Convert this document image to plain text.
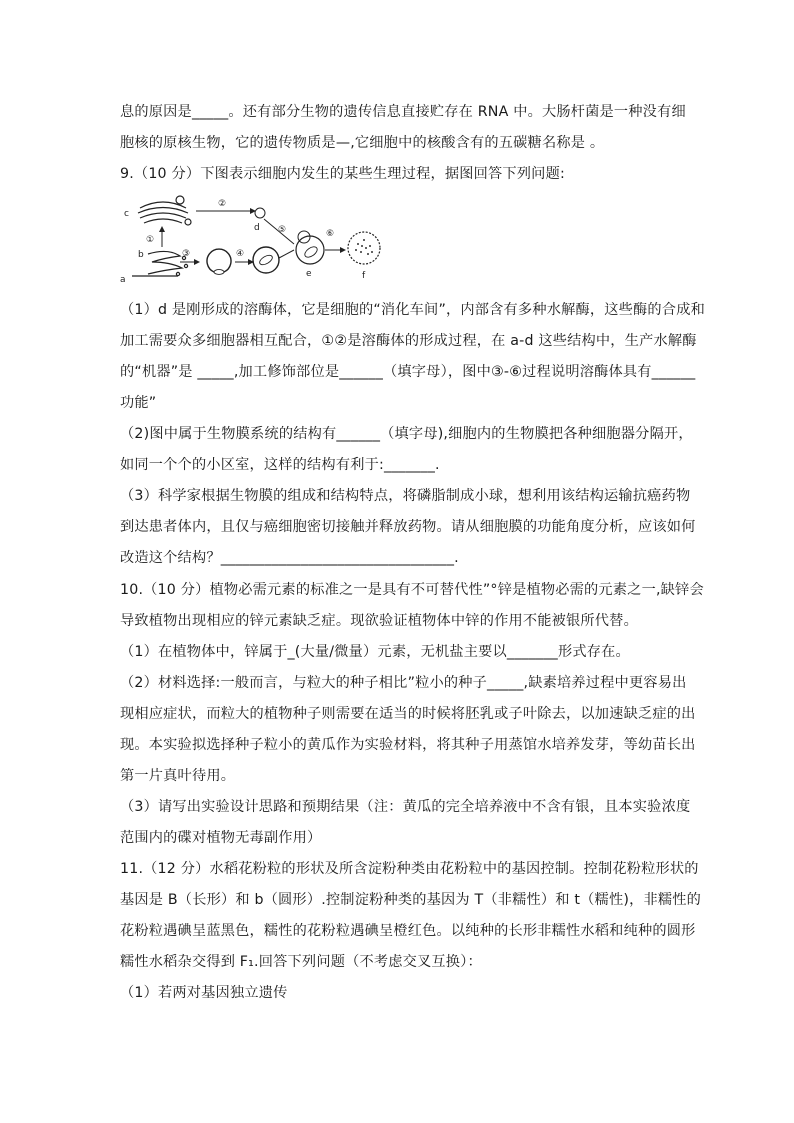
息的原因是_____。还有部分生物的遗传信息直接贮存在 RNA 中。大肠杆菌是一种没有细
胞核的原核生物，它的遗传物质是—,它细胞中的核酸含有的五碳糖名称是 。
9.（10 分）下图表示细胞内发生的某些生理过程，据图回答下列问题:
c
②
d
①
b
a
③	④
⑤
e
⑥
f
（1）d 是刚形成的溶酶体，它是细胞的“消化车间”，内部含有多种水解酶，这些酶的合成和
加工需要众多细胞器相互配合，①②是溶酶体的形成过程，在 a-d 这些结构中，生产水解酶
的“机器”是 _____,加工修饰部位是______（填字母），图中③-⑥过程说明溶酶体具有______
功能”
（2)图中属于生物膜系统的结构有______（填字母),细胞内的生物膜把各种细胞器分隔开，
如同一个个的小区室，这样的结构有利于:_______.
（3）科学家根据生物膜的组成和结构特点，将磷脂制成小球，想利用该结构运输抗癌药物
到达患者体内，且仅与癌细胞密切接触并释放药物。请从细胞膜的功能角度分析，应该如何
改造这个结构？________________________________.
10.（10 分）植物必需元素的标准之一是具有不可替代性”°锌是植物必需的元素之一,缺锌会
导致植物出现相应的锌元素缺乏症。现欲验证植物体中锌的作用不能被银所代替。
（1）在植物体中，锌属于_(大量/微量）元素，无机盐主要以_______形式存在。
（2）材料选择:一般而言，与粒大的种子相比”粒小的种子_____,缺素培养过程中更容易出
现相应症状，而粒大的植物种子则需要在适当的时候将胚乳或子叶除去，以加速缺乏症的出
现。本实验拟选择种子粒小的黄瓜作为实验材料，将其种子用蒸馆水培养发芽，等幼苗长出
第一片真叶待用。
（3）请写出实验设计思路和预期结果（注：黄瓜的完全培养液中不含有银，且本实验浓度
范围内的碟对植物无毒副作用）
11.（12 分）水稻花粉粒的形状及所含淀粉种类由花粉粒中的基因控制。控制花粉粒形状的
基因是 B（长形）和 b（圆形）.控制淀粉种类的基因为 T（非糯性）和 t（糯性)，非糯性的
花粉粒遇碘呈蓝黑色，糯性的花粉粒遇碘呈橙红色。以纯种的长形非糯性水稻和纯种的圆形
糯性水稻杂交得到 F₁.回答下列问题（不考虑交叉互换）：
（1）若两对基因独立遗传
